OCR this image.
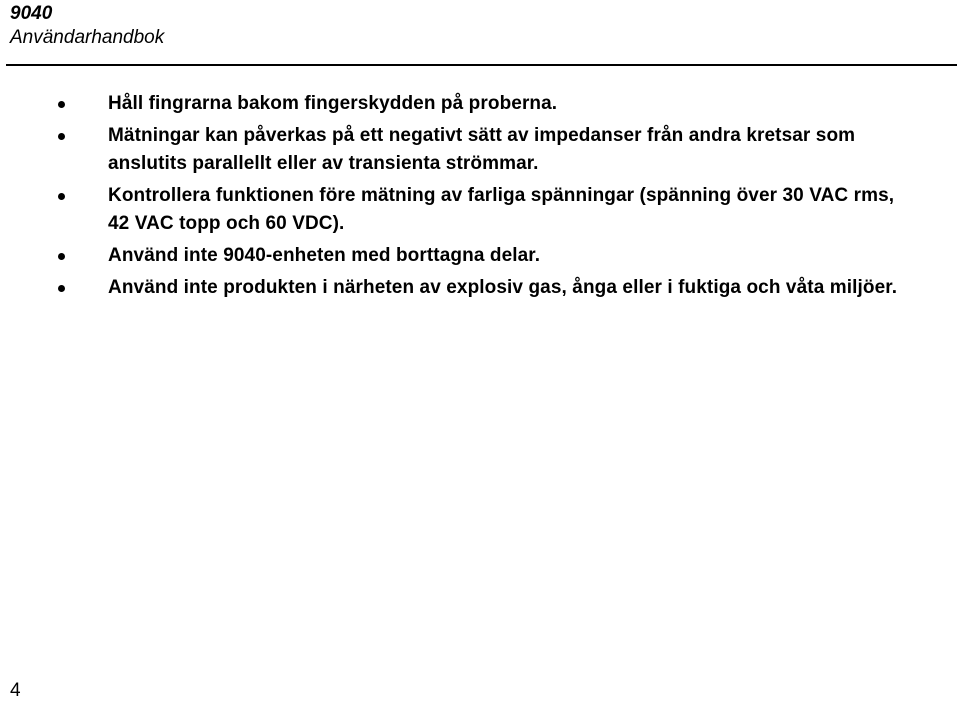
9040
Användarhandbok
Håll fingrarna bakom fingerskydden på proberna.
Mätningar kan påverkas på ett negativt sätt av impedanser från andra kretsar som anslutits parallellt eller av transienta strömmar.
Kontrollera funktionen före mätning av farliga spänningar (spänning över 30 VAC rms, 42 VAC topp och 60 VDC).
Använd inte 9040-enheten med borttagna delar.
Använd inte produkten i närheten av explosiv gas, ånga eller i fuktiga och våta miljöer.
4
